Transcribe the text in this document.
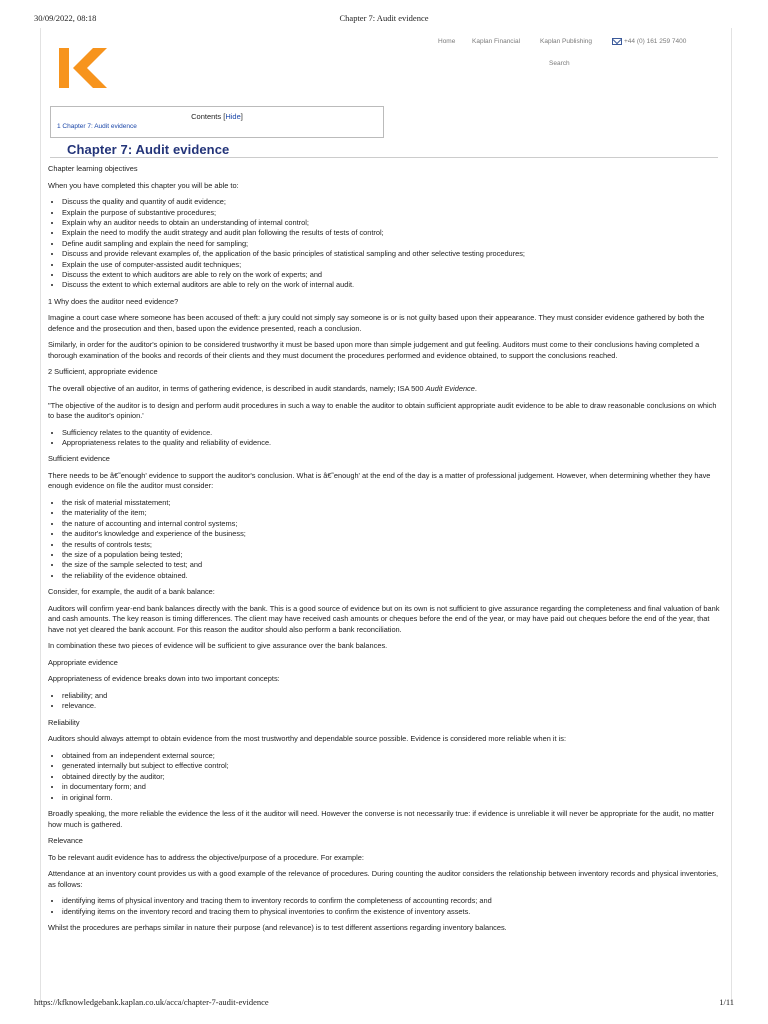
30/09/2022, 08:18	Chapter 7: Audit evidence
Home	Kaplan Financial	Kaplan Publishing	+44 (0) 161 259 7400
Search
Contents [Hide]
1 Chapter 7: Audit evidence
Chapter 7: Audit evidence

Chapter learning objectives

When you have completed this chapter you will be able to:

• Discuss the quality and quantity of audit evidence;
• Explain the purpose of substantive procedures;
• Explain why an auditor needs to obtain an understanding of internal control;
• Explain the need to modify the audit strategy and audit plan following the results of tests of control;
• Define audit sampling and explain the need for sampling;
• Discuss and provide relevant examples of, the application of the basic principles of statistical sampling and other selective testing procedures;
• Explain the use of computer-assisted audit techniques;
• Discuss the extent to which auditors are able to rely on the work of experts; and
• Discuss the extent to which external auditors are able to rely on the work of internal audit.

1 Why does the auditor need evidence?

Imagine a court case where someone has been accused of theft: a jury could not simply say someone is or is not guilty based upon their appearance. They must consider evidence gathered by both the defence and the prosecution and then, based upon the evidence presented, reach a conclusion.

Similarly, in order for the auditor's opinion to be considered trustworthy it must be based upon more than simple judgement and gut feeling. Auditors must come to their conclusions having completed a thorough examination of the books and records of their clients and they must document the procedures performed and evidence obtained, to support the conclusions reached.

2 Sufficient, appropriate evidence

The overall objective of an auditor, in terms of gathering evidence, is described in audit standards, namely; ISA 500 Audit Evidence.

"The objective of the auditor is to design and perform audit procedures in such a way to enable the auditor to obtain sufficient appropriate audit evidence to be able to draw reasonable conclusions on which to base the auditor's opinion.'

• Sufficiency relates to the quantity of evidence.
• Appropriateness relates to the quality and reliability of evidence.

Sufficient evidence

There needs to be â€˜enough' evidence to support the auditor's conclusion. What is â€˜enough' at the end of the day is a matter of professional judgement. However, when determining whether they have enough evidence on file the auditor must consider:

• the risk of material misstatement;
• the materiality of the item;
• the nature of accounting and internal control systems;
• the auditor's knowledge and experience of the business;
• the results of controls tests;
• the size of a population being tested;
• the size of the sample selected to test; and
• the reliability of the evidence obtained.

Consider, for example, the audit of a bank balance:

Auditors will confirm year-end bank balances directly with the bank. This is a good source of evidence but on its own is not sufficient to give assurance regarding the completeness and final valuation of bank and cash amounts. The key reason is timing differences. The client may have received cash amounts or cheques before the end of the year, or may have paid out cheques before the end of the year, that have not yet cleared the bank account. For this reason the auditor should also perform a bank reconciliation.

In combination these two pieces of evidence will be sufficient to give assurance over the bank balances.

Appropriate evidence

Appropriateness of evidence breaks down into two important concepts:

• reliability; and
• relevance.

Reliability

Auditors should always attempt to obtain evidence from the most trustworthy and dependable source possible. Evidence is considered more reliable when it is:

• obtained from an independent external source;
• generated internally but subject to effective control;
• obtained directly by the auditor;
• in documentary form; and
• in original form.

Broadly speaking, the more reliable the evidence the less of it the auditor will need. However the converse is not necessarily true: if evidence is unreliable it will never be appropriate for the audit, no matter how much is gathered.

Relevance

To be relevant audit evidence has to address the objective/purpose of a procedure. For example:

Attendance at an inventory count provides us with a good example of the relevance of procedures. During counting the auditor considers the relationship between inventory records and physical inventories, as follows:

• identifying items of physical inventory and tracing them to inventory records to confirm the completeness of accounting records; and
• identifying items on the inventory record and tracing them to physical inventories to confirm the existence of inventory assets.

Whilst the procedures are perhaps similar in nature their purpose (and relevance) is to test different assertions regarding inventory balances.

https://kfknowledgebank.kaplan.co.uk/acca/chapter-7-audit-evidence	1/11
